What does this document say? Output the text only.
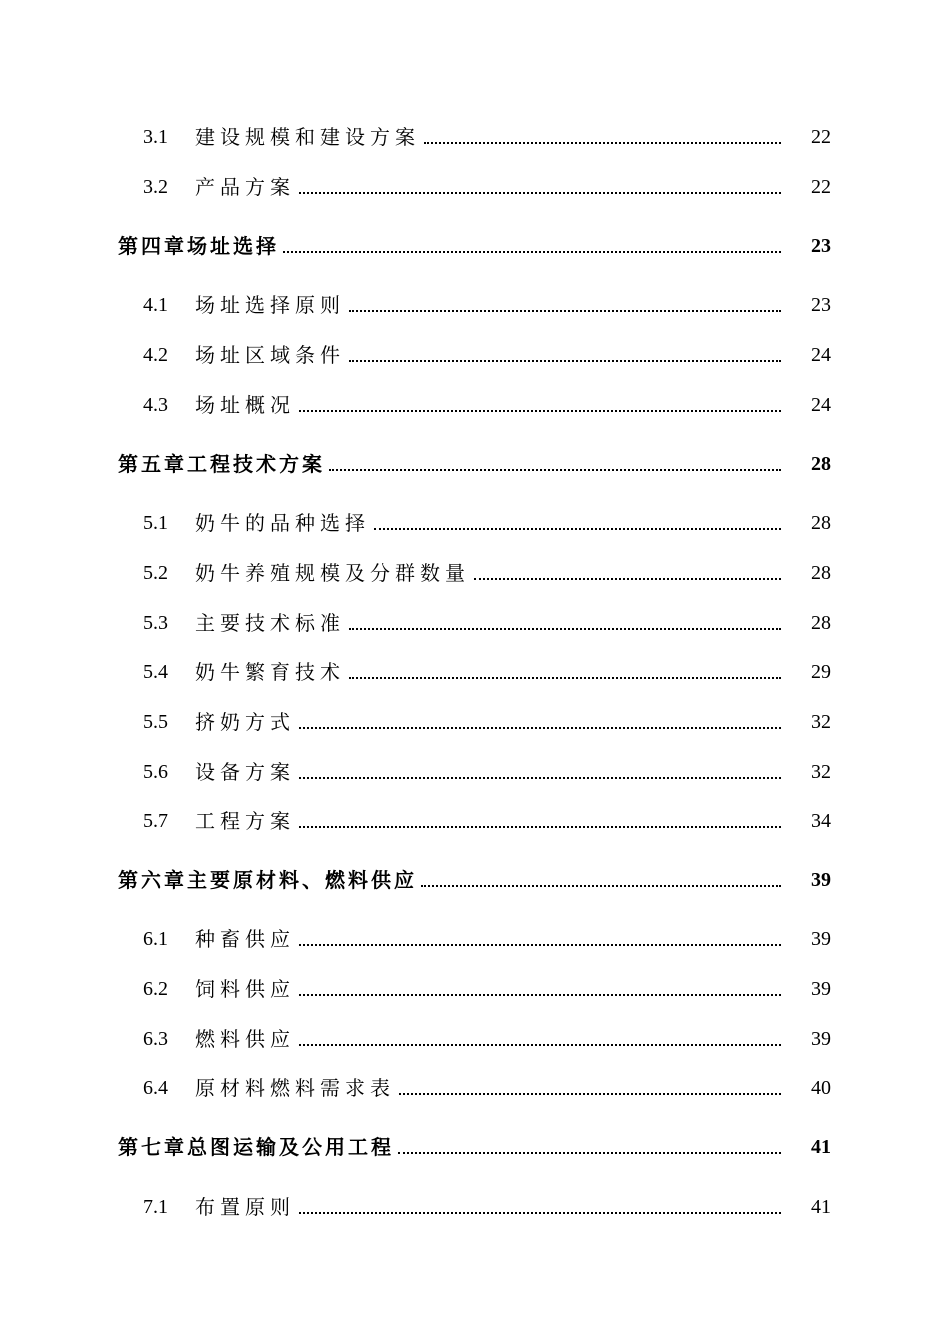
3.1	建设规模和建设方案	22
3.2	产品方案	22
第四章场址选择	23
4.1	场址选择原则	23
4.2	场址区域条件	24
4.3	场址概况	24
第五章工程技术方案	28
5.1	奶牛的品种选择	28
5.2	奶牛养殖规模及分群数量	28
5.3	主要技术标准	28
5.4	奶牛繁育技术	29
5.5	挤奶方式	32
5.6	设备方案	32
5.7	工程方案	34
第六章主要原材料、燃料供应	39
6.1	种畜供应	39
6.2	饲料供应	39
6.3	燃料供应	39
6.4	原材料燃料需求表	40
第七章总图运输及公用工程	41
7.1	布置原则	41
